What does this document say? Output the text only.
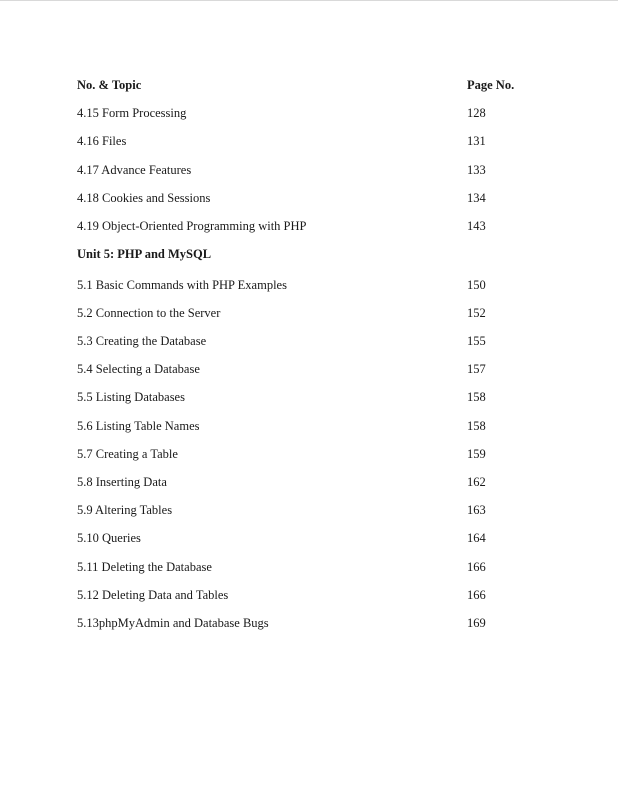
No. & Topic	Page No.
4.15 Form Processing	128
4.16 Files	131
4.17 Advance Features	133
4.18 Cookies and Sessions	134
4.19 Object-Oriented Programming with PHP	143
Unit 5: PHP and MySQL
5.1 Basic Commands with PHP Examples	150
5.2 Connection to the Server	152
5.3 Creating the Database	155
5.4 Selecting a Database	157
5.5 Listing Databases	158
5.6 Listing Table Names	158
5.7 Creating a Table	159
5.8 Inserting Data	162
5.9 Altering Tables	163
5.10 Queries	164
5.11 Deleting the Database	166
5.12 Deleting Data and Tables	166
5.13phpMyAdmin and Database Bugs	169
